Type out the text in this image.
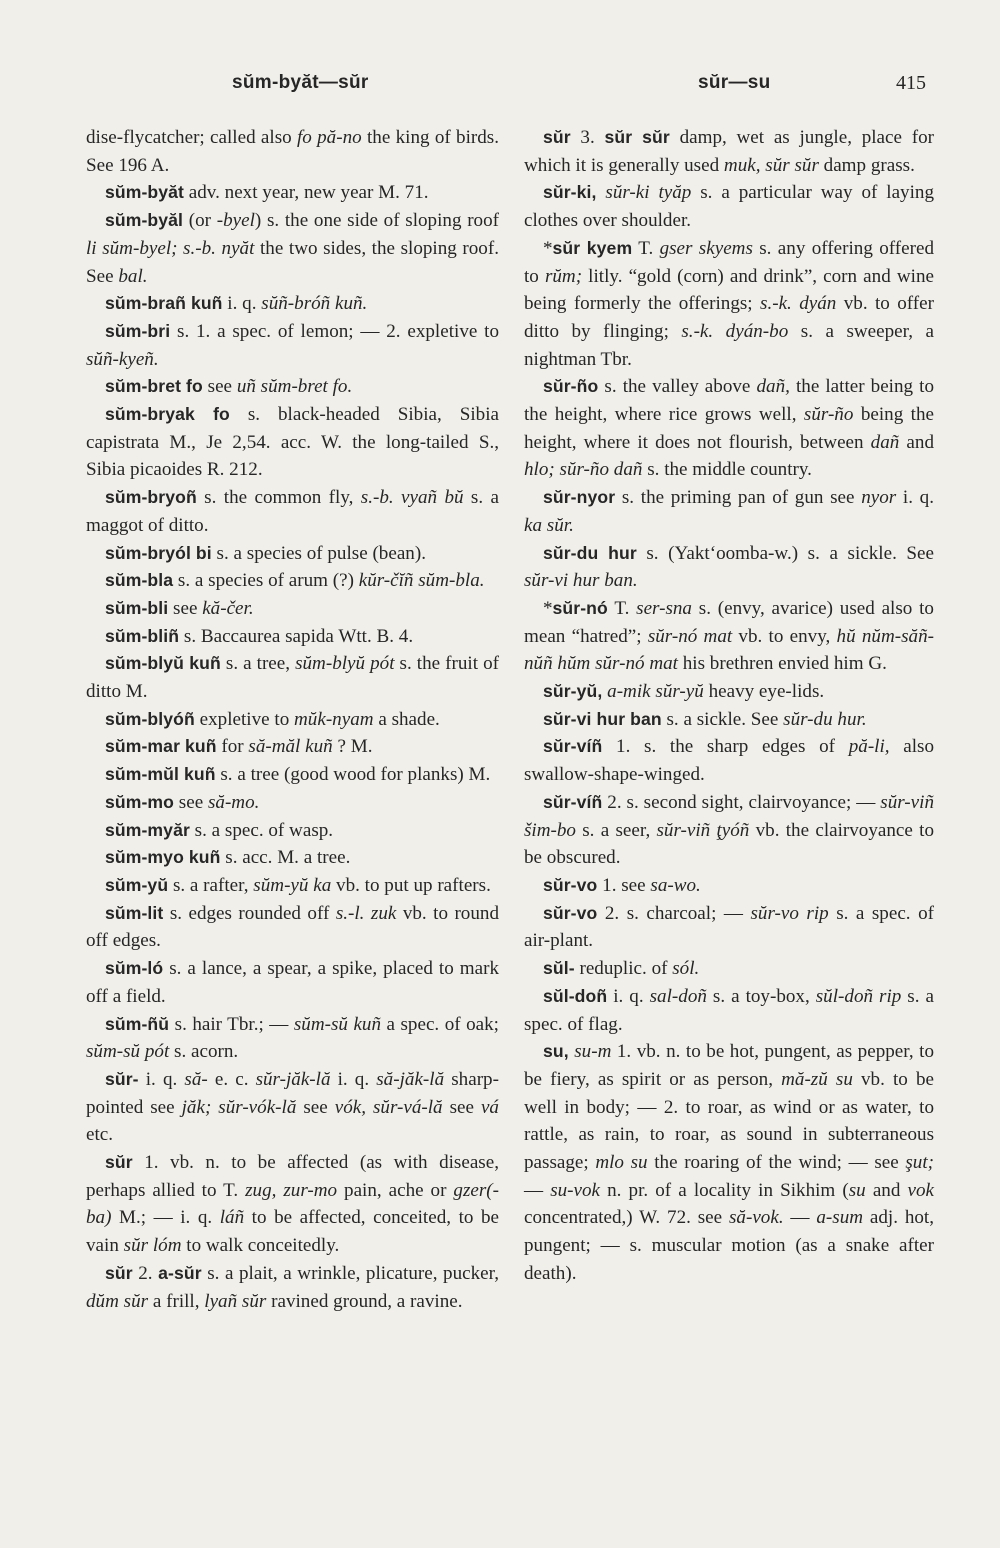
sŭm-byăt—sŭr	sŭr—su	415

dise-flycatcher; called also fo pă-no the king of birds. See 196 A.

sŭm-byăt adv. next year, new year M. 71.

sŭm-byăl (or -byel) s. the one side of sloping roof li sŭm-byel; s.-b. nyăt the two sides, the sloping roof. See bal.

sŭm-brañ kuñ i. q. sŭñ-bróñ kuñ.

sŭm-bri s. 1. a spec. of lemon; — 2. expletive to sŭñ-kyeñ.

sŭm-bret fo see uñ sŭm-bret fo.

sŭm-bryak fo s. black-headed Sibia, Sibia capistrata M., Je 2,54. acc. W. the long-tailed S., Sibia picaoides R. 212.

sŭm-bryoñ s. the common fly, s.-b. vyañ bŭ s. a maggot of ditto.

sŭm-bryól bi s. a species of pulse (bean).

sŭm-bla s. a species of arum (?) kŭr-čĭñ sŭm-bla.

sŭm-bli see kă-čer.

sŭm-bliñ s. Baccaurea sapida Wtt. B. 4.

sŭm-blyŭ kuñ s. a tree, sŭm-blyŭ pót s. the fruit of ditto M.

sŭm-blyóñ expletive to mŭk-nyam a shade.

sŭm-mar kuñ for să-măl kuñ ? M.

sŭm-mŭl kuñ s. a tree (good wood for planks) M.

sŭm-mo see să-mo.

sŭm-myăr s. a spec. of wasp.

sŭm-myo kuñ s. acc. M. a tree.

sŭm-yŭ s. a rafter, sŭm-yŭ ka vb. to put up rafters.

sŭm-lit s. edges rounded off s.-l. zuk vb. to round off edges.

sŭm-ló s. a lance, a spear, a spike, placed to mark off a field.

sŭm-ñŭ s. hair Tbr.; — sŭm-sŭ kuñ a spec. of oak; sŭm-sŭ pót s. acorn.

sŭr- i. q. să- e. c. sŭr-jăk-lă i. q. să-jăk-lă sharp-pointed see jăk; sŭr-vók-lă see vók, sŭr-vá-lă see vá etc.

sŭr 1. vb. n. to be affected (as with disease, perhaps allied to T. zug, zur-mo pain, ache or gzer(-ba) M.; — i. q. láñ to be affected, conceited, to be vain sŭr lóm to walk conceitedly.

sŭr 2. a-sŭr s. a plait, a wrinkle, plicature, pucker, dŭm sŭr a frill, lyañ sŭr ravined ground, a ravine.

sŭr 3. sŭr sŭr damp, wet as jungle, place for which it is generally used muk, sŭr sŭr damp grass.

sŭr-ki, sŭr-ki tyăp s. a particular way of laying clothes over shoulder.

*sŭr kyem T. gser skyems s. any offering offered to rŭm; litly. “gold (corn) and drink”, corn and wine being formerly the offerings; s.-k. dyán vb. to offer ditto by flinging; s.-k. dyán-bo s. a sweeper, a nightman Tbr.

sŭr-ño s. the valley above dañ, the latter being to the height, where rice grows well, sŭr-ño being the height, where it does not flourish, between dañ and hlo; sŭr-ño dañ s. the middle country.

sŭr-nyor s. the priming pan of gun see nyor i. q. ka sŭr.

sŭr-du hur s. (Yakt‘oomba-w.) s. a sickle. See sŭr-vi hur ban.

*sŭr-nó T. ser-sna s. (envy, avarice) used also to mean “hatred”; sŭr-nó mat vb. to envy, hŭ nŭm-săñ-nŭñ hŭm sŭr-nó mat his brethren envied him G.

sŭr-yŭ, a-mik sŭr-yŭ heavy eye-lids.

sŭr-vi hur ban s. a sickle. See sŭr-du hur.

sŭr-víñ 1. s. the sharp edges of pă-li, also swallow-shape-winged.

sŭr-víñ 2. s. second sight, clairvoyance; — sŭr-viñ šim-bo s. a seer, sŭr-viñ ţyóñ vb. the clairvoyance to be obscured.

sŭr-vo 1. see sa-wo.

sŭr-vo 2. s. charcoal; — sŭr-vo rip s. a spec. of air-plant.

sŭl- reduplic. of sól.

sŭl-doñ i. q. sal-doñ s. a toy-box, sŭl-doñ rip s. a spec. of flag.

su, su-m 1. vb. n. to be hot, pungent, as pepper, to be fiery, as spirit or as person, mă-zŭ su vb. to be well in body; — 2. to roar, as wind or as water, to rattle, as rain, to roar, as sound in subterraneous passage; mlo su the roaring of the wind; — see şut; — su-vok n. pr. of a locality in Sikhim (su and vok concentrated,) W. 72. see să-vok. — a-sum adj. hot, pungent; — s. muscular motion (as a snake after death).
